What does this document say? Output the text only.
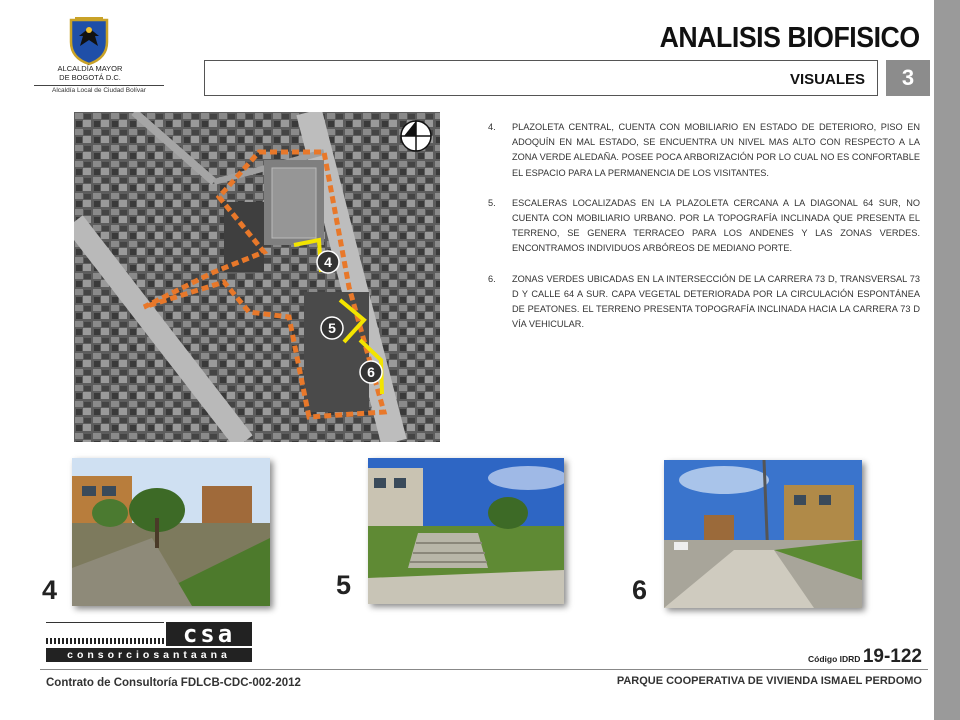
ALCALDÍA MAYOR
DE BOGOTÁ D.C.
Alcaldía Local de Ciudad Bolívar
ANALISIS BIOFISICO
VISUALES	3
4
5
6
4.	PLAZOLETA CENTRAL, CUENTA CON MOBILIARIO EN ESTADO DE DETERIORO, PISO EN ADOQUÍN EN MAL ESTADO, SE ENCUENTRA UN NIVEL MAS ALTO CON RESPECTO A LA ZONA VERDE ALEDAÑA. POSEE POCA ARBORIZACIÓN POR LO CUAL NO ES CONFORTABLE EL ESPACIO PARA LA PERMANENCIA DE LOS VISITANTES.
5.	ESCALERAS LOCALIZADAS EN LA PLAZOLETA CERCANA A LA DIAGONAL 64 SUR, NO CUENTA CON MOBILIARIO URBANO. POR LA TOPOGRAFÍA INCLINADA QUE PRESENTA EL TERRENO, SE GENERA TERRACEO PARA LOS ANDENES Y LAS ZONAS VERDES. ENCONTRAMOS INDIVIDUOS ARBÓREOS DE MEDIANO PORTE.
6.	ZONAS VERDES UBICADAS EN LA INTERSECCIÓN DE LA CARRERA 73 D, TRANSVERSAL 73 D Y CALLE 64 A SUR. CAPA VEGETAL DETERIORADA POR LA CIRCULACIÓN ESPONTÁNEA DE PEATONES. EL TERRENO PRESENTA TOPOGRAFÍA INCLINADA HACIA LA CARRERA 73 D VÍA VEHICULAR.
4	5	6
csa
consorciosantaana	Código IDRD 19-122
Contrato de Consultoría FDLCB-CDC-002-2012	PARQUE COOPERATIVA DE VIVIENDA ISMAEL PERDOMO
